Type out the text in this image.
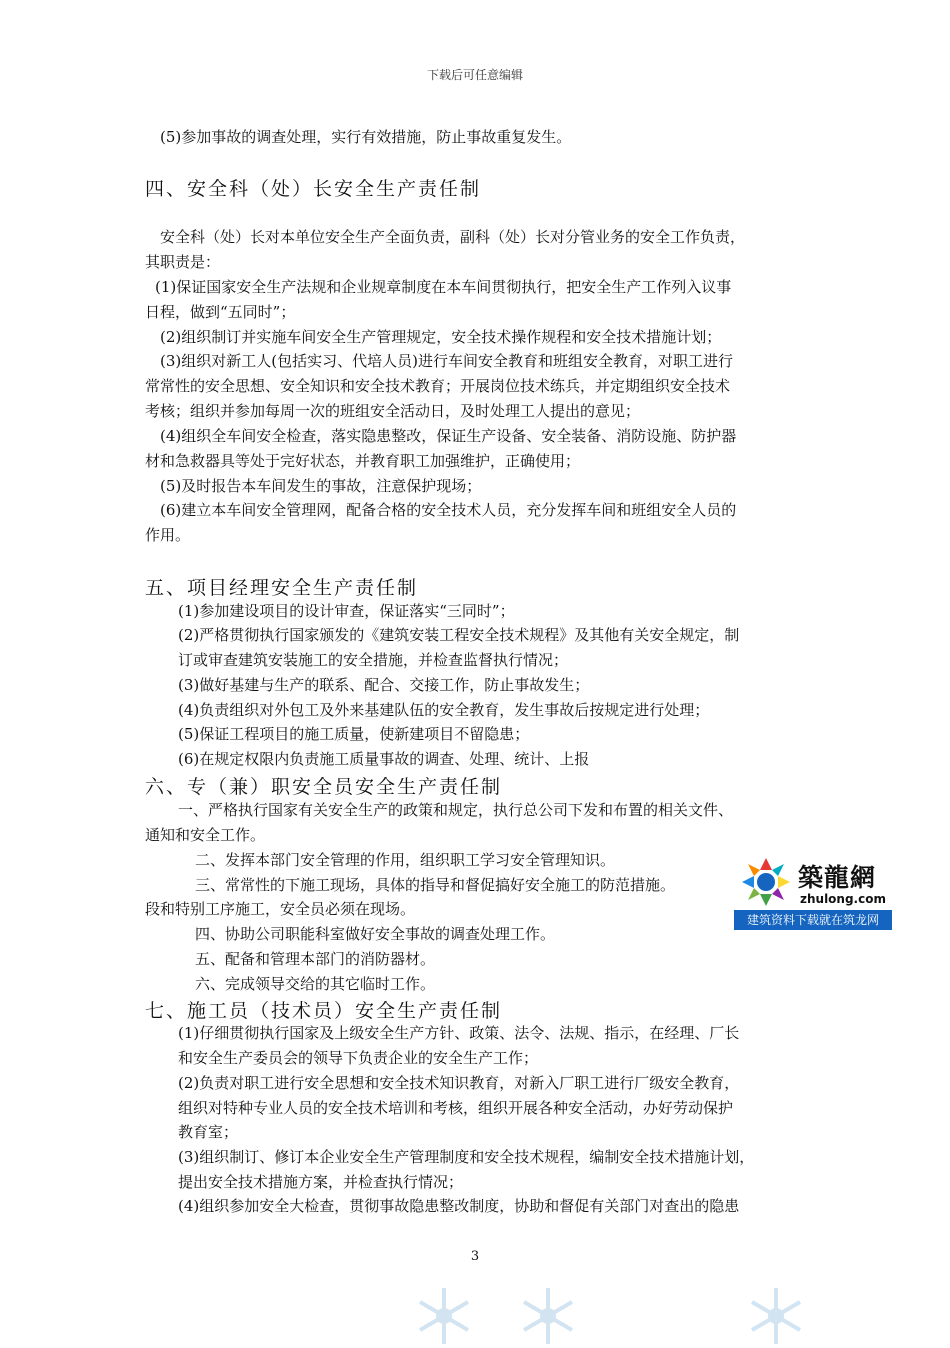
下载后可任意编辑
(5)参加事故的调查处理，实行有效措施，防止事故重复发生。
安全科（处）长对本单位安全生产全面负责，副科（处）长对分管业务的安全工作负责，
其职责是：
(1)保证国家安全生产法规和企业规章制度在本车间贯彻执行，把安全生产工作列入议事
日程，做到“五同时”；
(2)组织制订并实施车间安全生产管理规定，安全技术操作规程和安全技术措施计划；
(3)组织对新工人(包括实习、代培人员)进行车间安全教育和班组安全教育，对职工进行
常常性的安全思想、安全知识和安全技术教育；开展岗位技术练兵，并定期组织安全技术
考核；组织并参加每周一次的班组安全活动日，及时处理工人提出的意见；
(4)组织全车间安全检查，落实隐患整改，保证生产设备、安全装备、消防设施、防护器
材和急救器具等处于完好状态，并教育职工加强维护，正确使用；
(5)及时报告本车间发生的事故，注意保护现场；
(6)建立本车间安全管理网，配备合格的安全技术人员，充分发挥车间和班组安全人员的
作用。
(1)参加建设项目的设计审查，保证落实“三同时”；
(2)严格贯彻执行国家颁发的《建筑安装工程安全技术规程》及其他有关安全规定，制
订或审查建筑安装施工的安全措施，并检查监督执行情况；
(3)做好基建与生产的联系、配合、交接工作，防止事故发生；
(4)负责组织对外包工及外来基建队伍的安全教育，发生事故后按规定进行处理；
(5)保证工程项目的施工质量，使新建项目不留隐患；
(6)在规定权限内负责施工质量事故的调查、处理、统计、上报
一、严格执行国家有关安全生产的政策和规定，执行总公司下发和布置的相关文件、
通知和安全工作。
二、发挥本部门安全管理的作用，组织职工学习安全管理知识。
三、常常性的下施工现场，具体的指导和督促搞好安全施工的防范措施。
段和特别工序施工，安全员必须在现场。
四、协助公司职能科室做好安全事故的调查处理工作。
五、配备和管理本部门的消防器材。
六、完成领导交给的其它临时工作。
(1)仔细贯彻执行国家及上级安全生产方针、政策、法令、法规、指示，在经理、厂长
和安全生产委员会的领导下负责企业的安全生产工作；
(2)负责对职工进行安全思想和安全技术知识教育，对新入厂职工进行厂级安全教育，
组织对特种专业人员的安全技术培训和考核，组织开展各种安全活动，办好劳动保护
教育室；
(3)组织制订、修订本企业安全生产管理制度和安全技术规程，编制安全技术措施计划，
提出安全技术措施方案，并检查执行情况；
(4)组织参加安全大检查，贯彻事故隐患整改制度，协助和督促有关部门对查出的隐患
四、安全科（处）长安全生产责任制
五、项目经理安全生产责任制
六、专（兼）职安全员安全生产责任制
七、施工员（技术员）安全生产责任制
築龍網
zhulong.com
建筑资料下载就在筑龙网
3
